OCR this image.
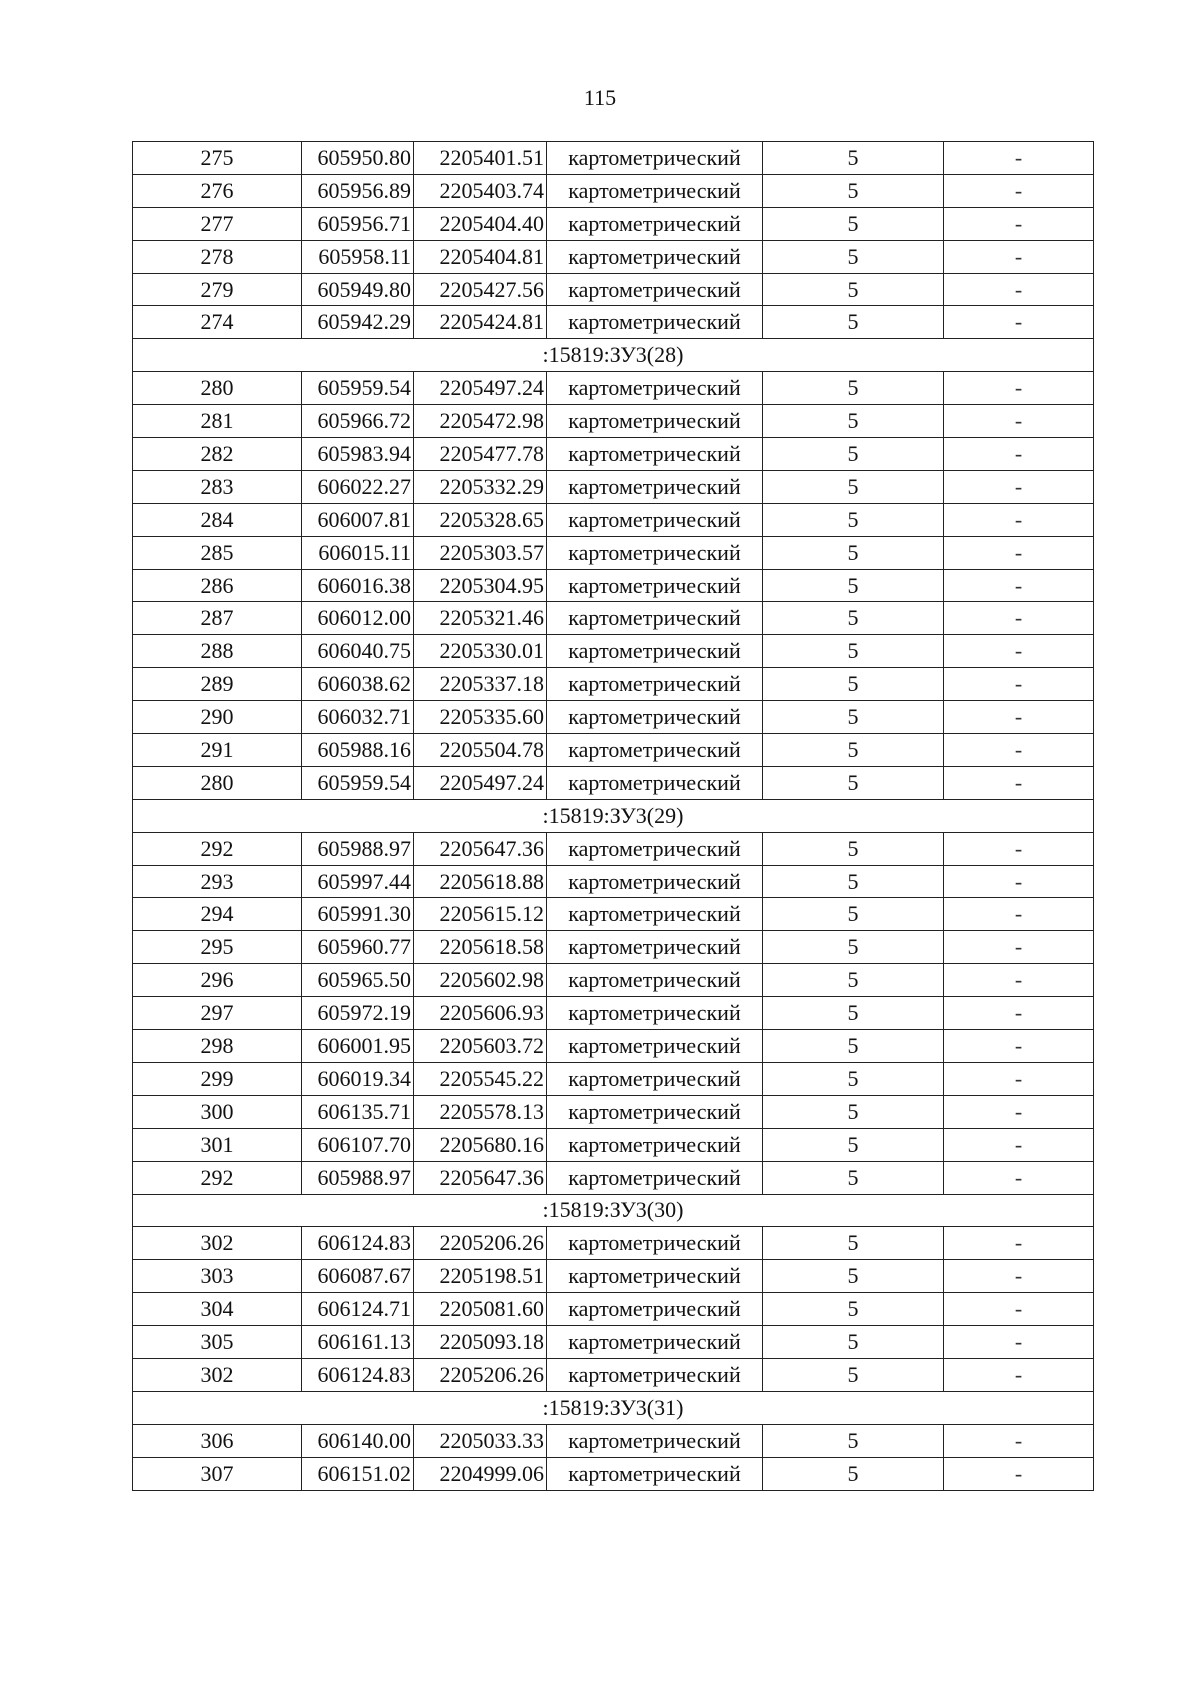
115
275	605950.80	2205401.51	картометрический	5	-
276	605956.89	2205403.74	картометрический	5	-
277	605956.71	2205404.40	картометрический	5	-
278	605958.11	2205404.81	картометрический	5	-
279	605949.80	2205427.56	картометрический	5	-
274	605942.29	2205424.81	картометрический	5	-
:15819:ЗУ3(28)					
280	605959.54	2205497.24	картометрический	5	-
281	605966.72	2205472.98	картометрический	5	-
282	605983.94	2205477.78	картометрический	5	-
283	606022.27	2205332.29	картометрический	5	-
284	606007.81	2205328.65	картометрический	5	-
285	606015.11	2205303.57	картометрический	5	-
286	606016.38	2205304.95	картометрический	5	-
287	606012.00	2205321.46	картометрический	5	-
288	606040.75	2205330.01	картометрический	5	-
289	606038.62	2205337.18	картометрический	5	-
290	606032.71	2205335.60	картометрический	5	-
291	605988.16	2205504.78	картометрический	5	-
280	605959.54	2205497.24	картометрический	5	-
:15819:ЗУ3(29)					
292	605988.97	2205647.36	картометрический	5	-
293	605997.44	2205618.88	картометрический	5	-
294	605991.30	2205615.12	картометрический	5	-
295	605960.77	2205618.58	картометрический	5	-
296	605965.50	2205602.98	картометрический	5	-
297	605972.19	2205606.93	картометрический	5	-
298	606001.95	2205603.72	картометрический	5	-
299	606019.34	2205545.22	картометрический	5	-
300	606135.71	2205578.13	картометрический	5	-
301	606107.70	2205680.16	картометрический	5	-
292	605988.97	2205647.36	картометрический	5	-
:15819:ЗУ3(30)					
302	606124.83	2205206.26	картометрический	5	-
303	606087.67	2205198.51	картометрический	5	-
304	606124.71	2205081.60	картометрический	5	-
305	606161.13	2205093.18	картометрический	5	-
302	606124.83	2205206.26	картометрический	5	-
:15819:ЗУ3(31)					
306	606140.00	2205033.33	картометрический	5	-
307	606151.02	2204999.06	картометрический	5	-
